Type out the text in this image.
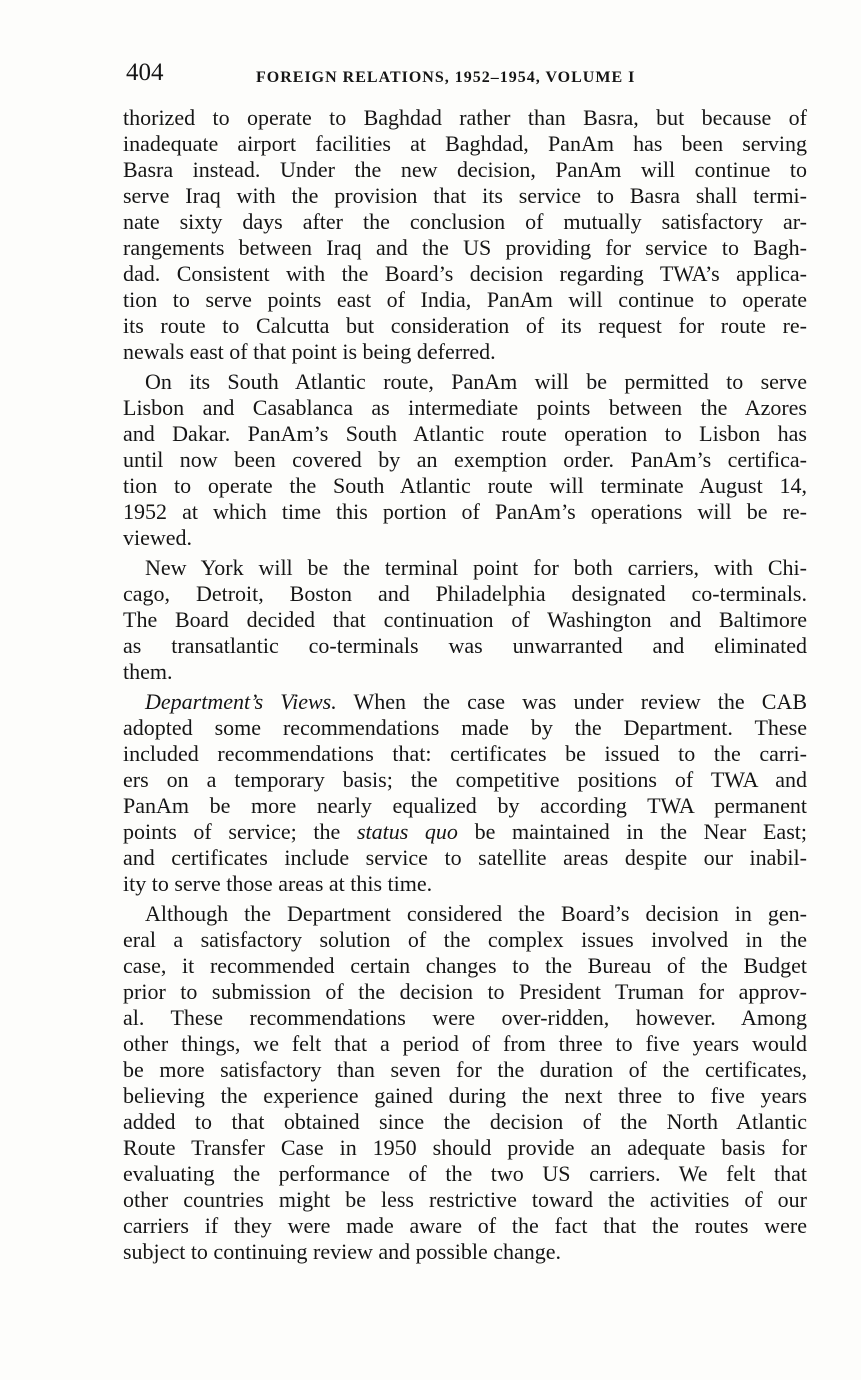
404	FOREIGN RELATIONS, 1952–1954, VOLUME I

thorized to operate to Baghdad rather than Basra, but because of
inadequate airport facilities at Baghdad, PanAm has been serving
Basra instead. Under the new decision, PanAm will continue to
serve Iraq with the provision that its service to Basra shall termi-
nate sixty days after the conclusion of mutually satisfactory ar-
rangements between Iraq and the US providing for service to Bagh-
dad. Consistent with the Board’s decision regarding TWA’s applica-
tion to serve points east of India, PanAm will continue to operate
its route to Calcutta but consideration of its request for route re-
newals east of that point is being deferred.

On its South Atlantic route, PanAm will be permitted to serve
Lisbon and Casablanca as intermediate points between the Azores
and Dakar. PanAm’s South Atlantic route operation to Lisbon has
until now been covered by an exemption order. PanAm’s certifica-
tion to operate the South Atlantic route will terminate August 14,
1952 at which time this portion of PanAm’s operations will be re-
viewed.

New York will be the terminal point for both carriers, with Chi-
cago, Detroit, Boston and Philadelphia designated co-terminals.
The Board decided that continuation of Washington and Baltimore
as transatlantic co-terminals was unwarranted and eliminated
them.

Department’s Views. When the case was under review the CAB
adopted some recommendations made by the Department. These
included recommendations that: certificates be issued to the carri-
ers on a temporary basis; the competitive positions of TWA and
PanAm be more nearly equalized by according TWA permanent
points of service; the status quo be maintained in the Near East;
and certificates include service to satellite areas despite our inabil-
ity to serve those areas at this time.

Although the Department considered the Board’s decision in gen-
eral a satisfactory solution of the complex issues involved in the
case, it recommended certain changes to the Bureau of the Budget
prior to submission of the decision to President Truman for approv-
al. These recommendations were over-ridden, however. Among
other things, we felt that a period of from three to five years would
be more satisfactory than seven for the duration of the certificates,
believing the experience gained during the next three to five years
added to that obtained since the decision of the North Atlantic
Route Transfer Case in 1950 should provide an adequate basis for
evaluating the performance of the two US carriers. We felt that
other countries might be less restrictive toward the activities of our
carriers if they were made aware of the fact that the routes were
subject to continuing review and possible change.
